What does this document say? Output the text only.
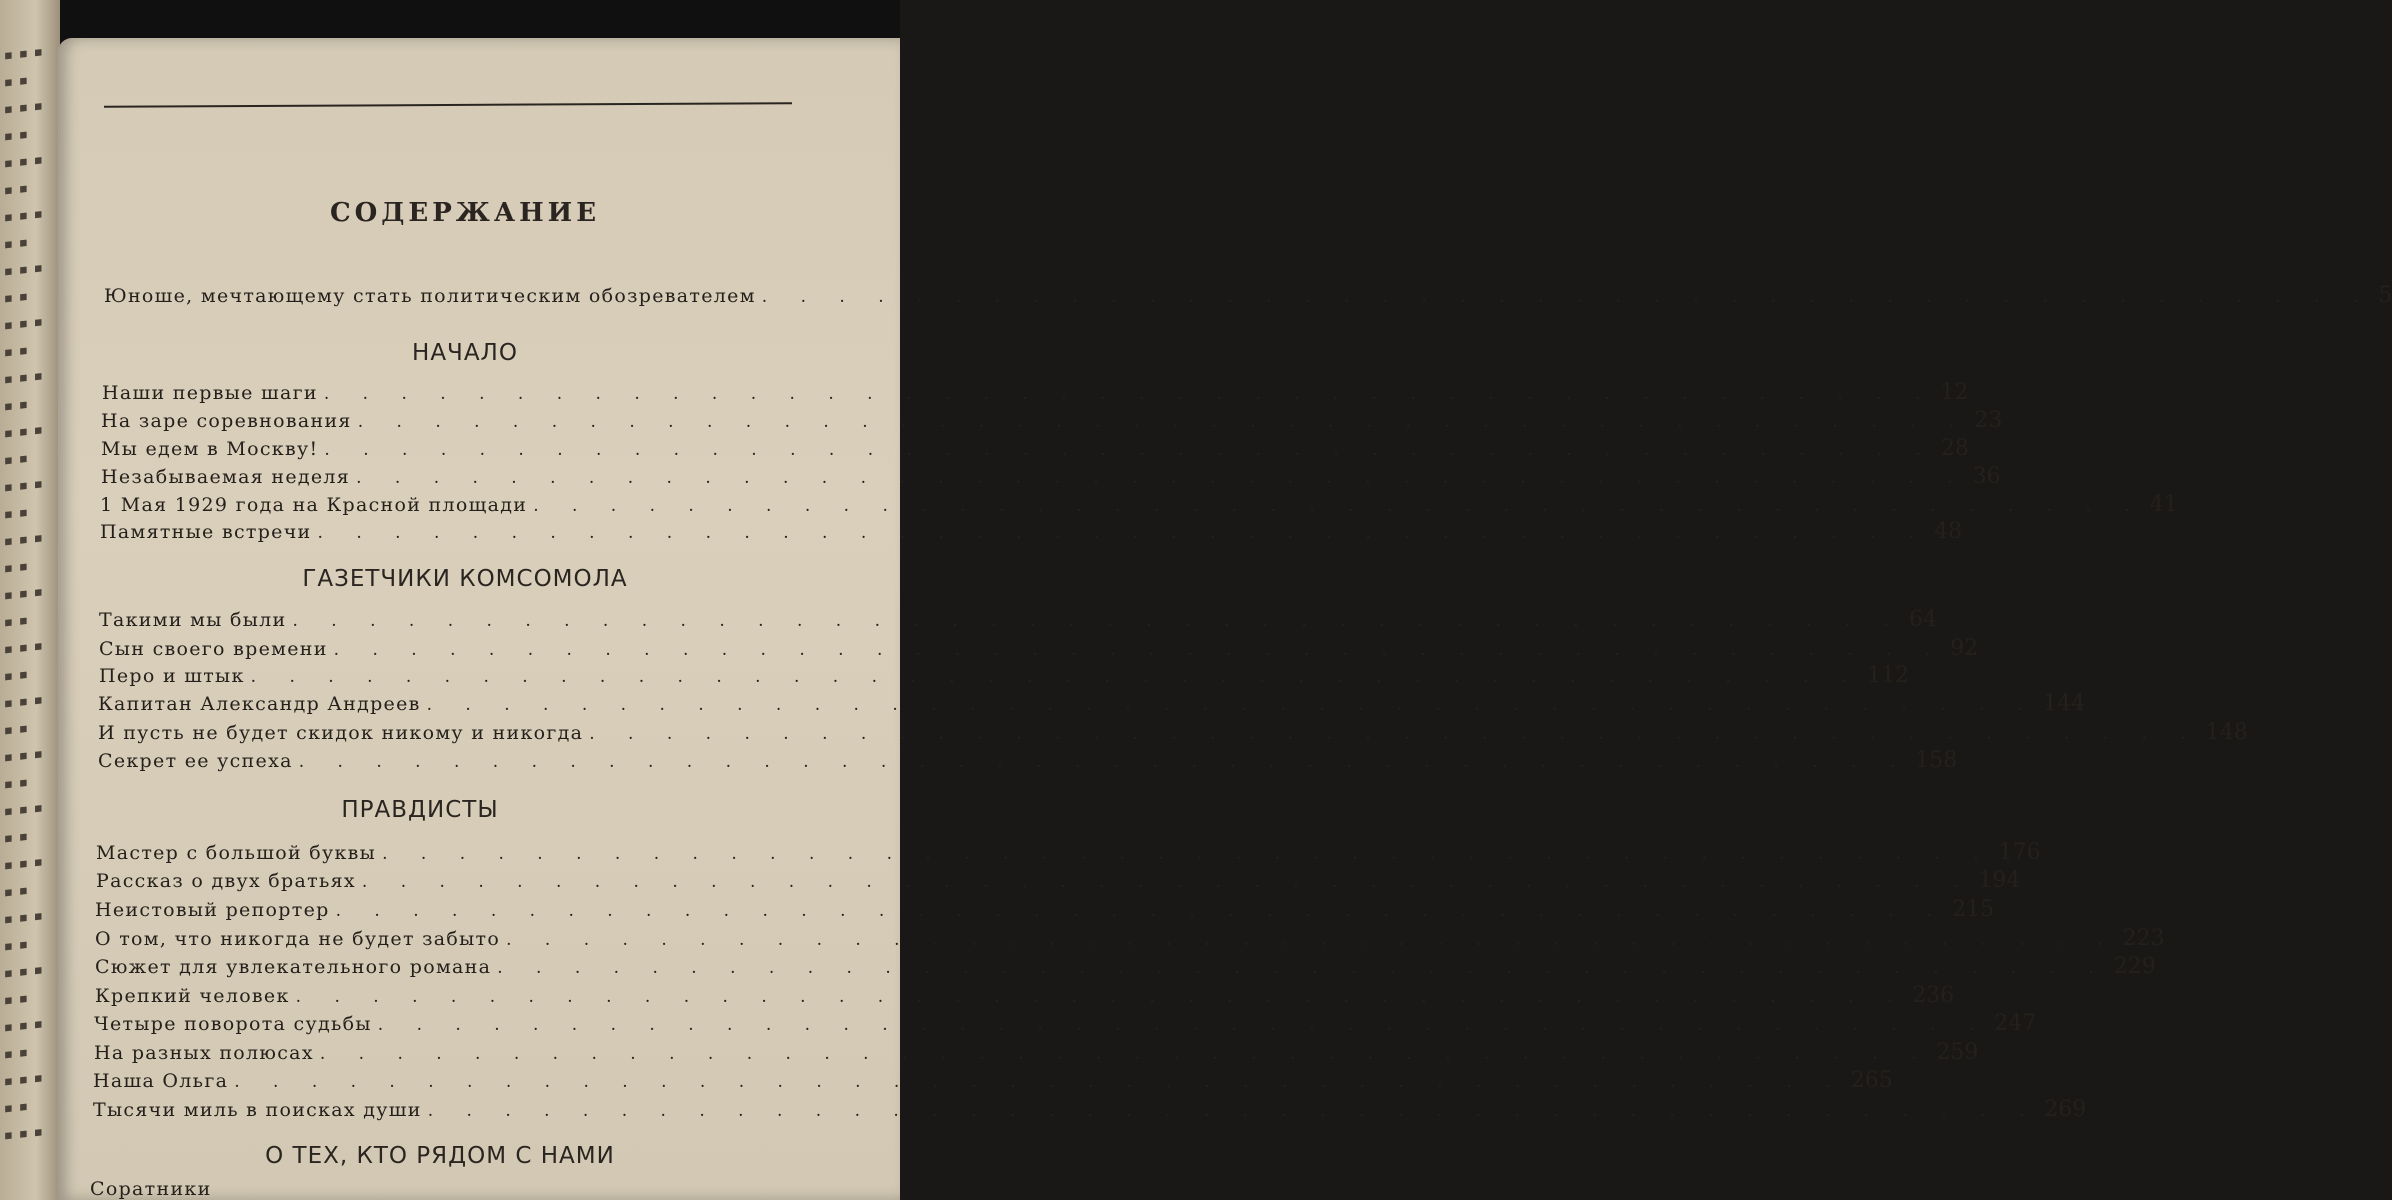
▪ ▪ ▪
▪ ▪
▪ ▪ ▪
▪ ▪
▪ ▪ ▪
▪ ▪
▪ ▪ ▪
▪ ▪
▪ ▪ ▪
▪ ▪
▪ ▪ ▪
▪ ▪
▪ ▪ ▪
▪ ▪
▪ ▪ ▪
▪ ▪
▪ ▪ ▪
▪ ▪
▪ ▪ ▪
▪ ▪
▪ ▪ ▪
▪ ▪
▪ ▪ ▪
▪ ▪
▪ ▪ ▪
▪ ▪
▪ ▪ ▪
▪ ▪
▪ ▪ ▪
▪ ▪
▪ ▪ ▪
▪ ▪
▪ ▪ ▪
▪ ▪
▪ ▪ ▪
▪ ▪
▪ ▪ ▪
▪ ▪
▪ ▪ ▪
▪ ▪
▪ ▪ ▪
СОДЕРЖАНИЕ
Юноше, мечтающему стать политическим обозревателем . . . . . . . . . . . . . . . . . . . . . . . . . . . . . . . . . . . . . . . . . . 5
НАЧАЛО
Наши первые шаги . . . . . . . . . . . . . . . . . . . . . . . . . . . . . . . . . . . . . . . . . . 12
На заре соревнования . . . . . . . . . . . . . . . . . . . . . . . . . . . . . . . . . . . . . . . . . . 23
Мы едем в Москву! . . . . . . . . . . . . . . . . . . . . . . . . . . . . . . . . . . . . . . . . . . 28
Незабываемая неделя . . . . . . . . . . . . . . . . . . . . . . . . . . . . . . . . . . . . . . . . . . 36
1 Мая 1929 года на Красной площади . . . . . . . . . . . . . . . . . . . . . . . . . . . . . . . . . . . . . . . . . . 41
Памятные встречи . . . . . . . . . . . . . . . . . . . . . . . . . . . . . . . . . . . . . . . . . . 48
ГАЗЕТЧИКИ КОМСОМОЛА
Такими мы были . . . . . . . . . . . . . . . . . . . . . . . . . . . . . . . . . . . . . . . . . . 64
Сын своего времени . . . . . . . . . . . . . . . . . . . . . . . . . . . . . . . . . . . . . . . . . . 92
Перо и штык . . . . . . . . . . . . . . . . . . . . . . . . . . . . . . . . . . . . . . . . . . 112
Капитан Александр Андреев . . . . . . . . . . . . . . . . . . . . . . . . . . . . . . . . . . . . . . . . . . 144
И пусть не будет скидок никому и никогда . . . . . . . . . . . . . . . . . . . . . . . . . . . . . . . . . . . . . . . . . . 148
Секрет ее успеха . . . . . . . . . . . . . . . . . . . . . . . . . . . . . . . . . . . . . . . . . . 158
ПРАВДИСТЫ
Мастер с большой буквы . . . . . . . . . . . . . . . . . . . . . . . . . . . . . . . . . . . . . . . . . . 176
Рассказ о двух братьях . . . . . . . . . . . . . . . . . . . . . . . . . . . . . . . . . . . . . . . . . . 194
Неистовый репортер . . . . . . . . . . . . . . . . . . . . . . . . . . . . . . . . . . . . . . . . . . 215
О том, что никогда не будет забыто . . . . . . . . . . . . . . . . . . . . . . . . . . . . . . . . . . . . . . . . . . 223
Сюжет для увлекательного романа . . . . . . . . . . . . . . . . . . . . . . . . . . . . . . . . . . . . . . . . . . 229
Крепкий человек . . . . . . . . . . . . . . . . . . . . . . . . . . . . . . . . . . . . . . . . . . 236
Четыре поворота судьбы . . . . . . . . . . . . . . . . . . . . . . . . . . . . . . . . . . . . . . . . . . 247
На разных полюсах . . . . . . . . . . . . . . . . . . . . . . . . . . . . . . . . . . . . . . . . . . 259
Наша Ольга . . . . . . . . . . . . . . . . . . . . . . . . . . . . . . . . . . . . . . . . . . 265
Тысячи миль в поисках души . . . . . . . . . . . . . . . . . . . . . . . . . . . . . . . . . . . . . . . . . . 269
О ТЕХ, КТО РЯДОМ С НАМИ
Соратники
